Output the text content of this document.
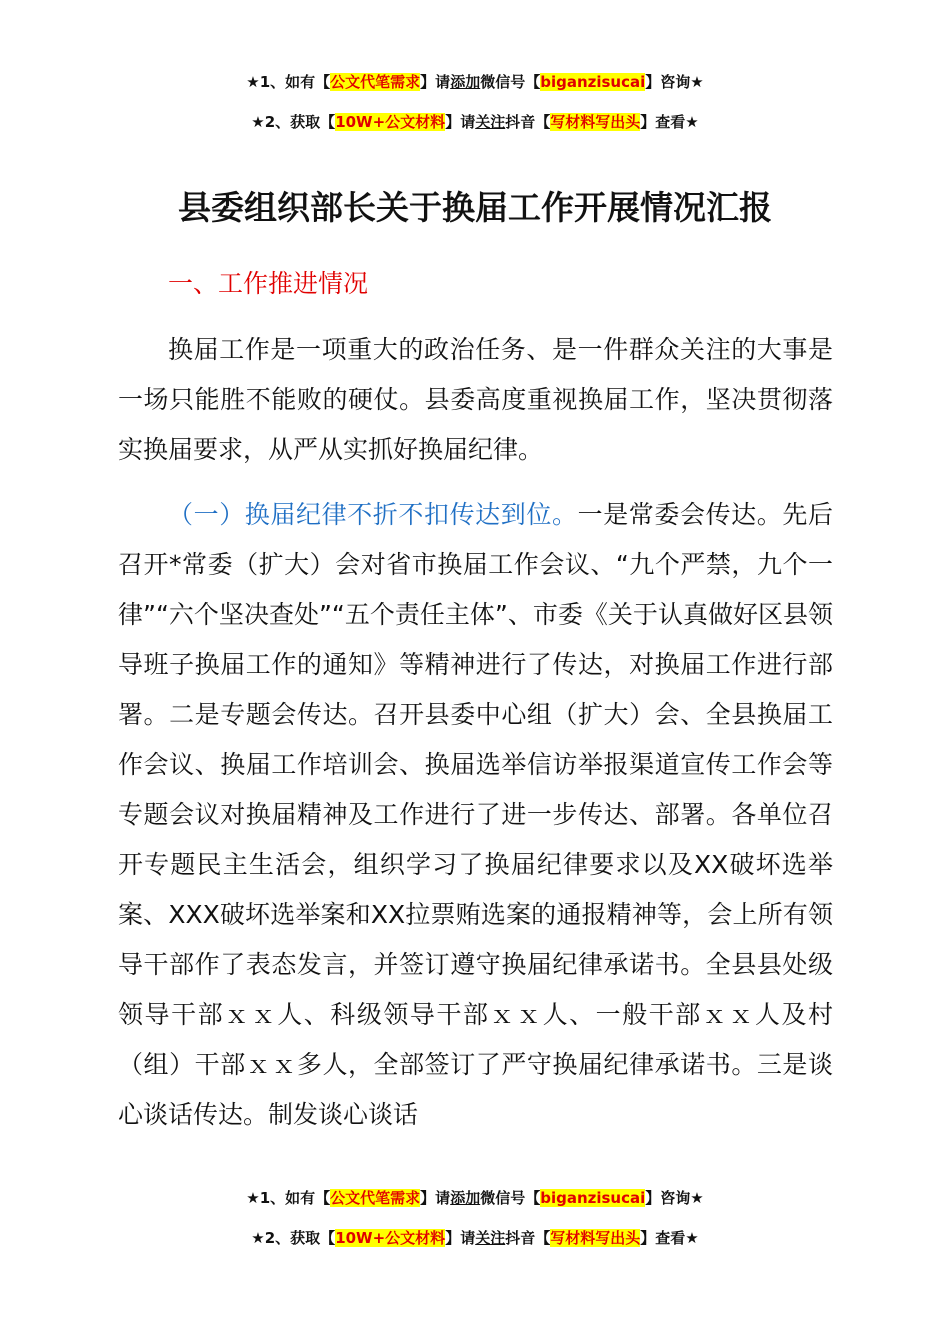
★1、如有【公文代笔需求】请添加微信号【biganzisucai】咨询★
★2、获取【10W+公文材料】请关注抖音【写材料写出头】查看★
县委组织部长关于换届工作开展情况汇报
一、工作推进情况

换届工作是一项重大的政治任务、是一件群众关注的大事是一场只能胜不能败的硬仗。县委高度重视换届工作，坚决贯彻落实换届要求，从严从实抓好换届纪律。

（一）换届纪律不折不扣传达到位。一是常委会传达。先后召开*常委（扩大）会对省市换届工作会议、“九个严禁，九个一律”“六个坚决查处”“五个责任主体”、市委《关于认真做好区县领导班子换届工作的通知》等精神进行了传达，对换届工作进行部署。二是专题会传达。召开县委中心组（扩大）会、全县换届工作会议、换届工作培训会、换届选举信访举报渠道宣传工作会等专题会议对换届精神及工作进行了进一步传达、部署。各单位召开专题民主生活会，组织学习了换届纪律要求以及XX破坏选举案、XXX破坏选举案和XX拉票贿选案的通报精神等，会上所有领导干部作了表态发言，并签订遵守换届纪律承诺书。全县县处级领导干部ｘｘ人、科级领导干部ｘｘ人、一般干部ｘｘ人及村（组）干部ｘｘ多人，全部签订了严守换届纪律承诺书。三是谈心谈话传达。制发谈心谈话

★1、如有【公文代笔需求】请添加微信号【biganzisucai】咨询★
★2、获取【10W+公文材料】请关注抖音【写材料写出头】查看★
